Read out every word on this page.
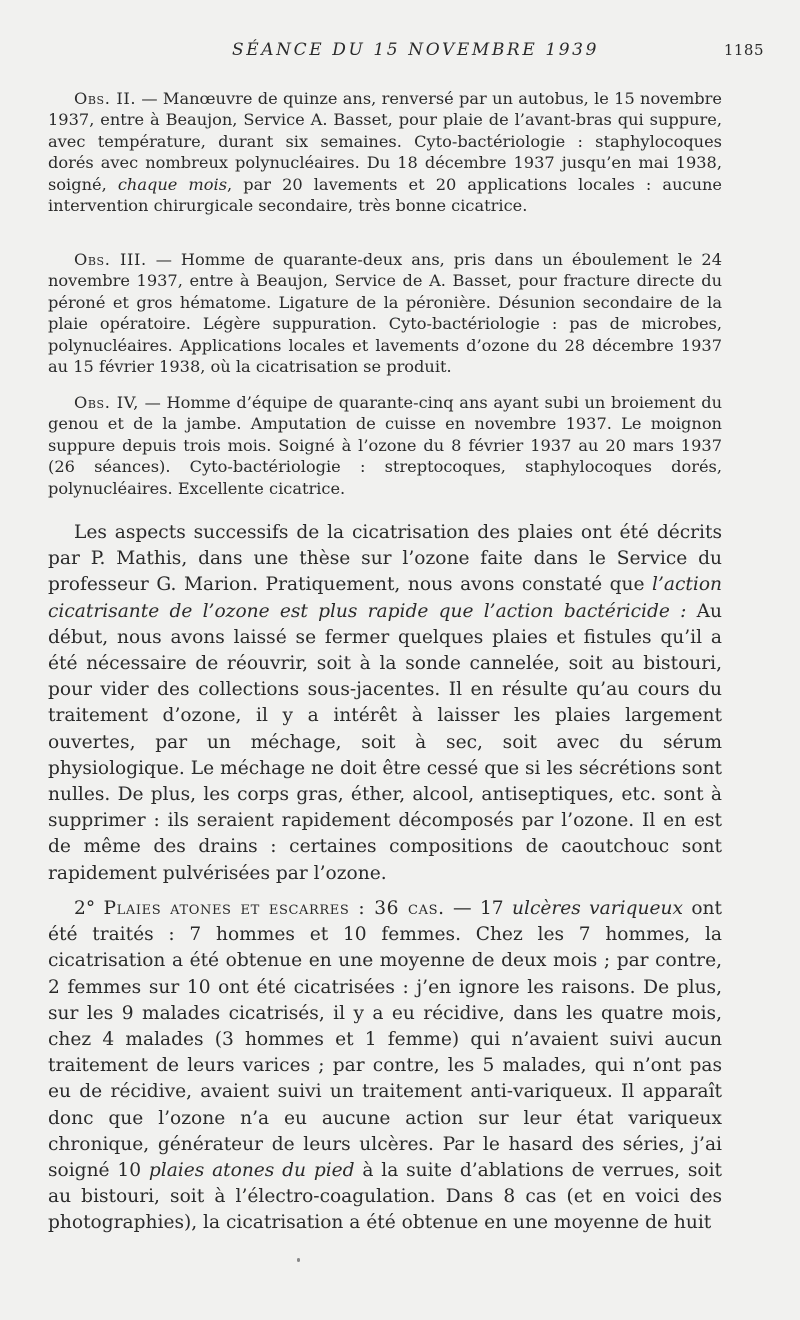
SÉANCE DU 15 NOVEMBRE 1939	1185

Obs. II. — Manœuvre de quinze ans, renversé par un autobus, le 15 novembre 1937, entre à Beaujon, Service A. Basset, pour plaie de l’avant-bras qui suppure, avec température, durant six semaines. Cyto-bactériologie : staphylocoques dorés avec nombreux polynucléaires. Du 18 décembre 1937 jusqu’en mai 1938, soigné, chaque mois, par 20 lavements et 20 applications locales : aucune intervention chirurgicale secondaire, très bonne cicatrice.

Obs. III. — Homme de quarante-deux ans, pris dans un éboulement le 24 novembre 1937, entre à Beaujon, Service de A. Basset, pour fracture directe du péroné et gros hématome. Ligature de la péronière. Désunion secondaire de la plaie opératoire. Légère suppuration. Cyto-bactériologie : pas de microbes, polynucléaires. Applications locales et lavements d’ozone du 28 décembre 1937 au 15 février 1938, où la cicatrisation se produit.

Obs. IV, — Homme d’équipe de quarante-cinq ans ayant subi un broiement du genou et de la jambe. Amputation de cuisse en novembre 1937. Le moignon suppure depuis trois mois. Soigné à l’ozone du 8 février 1937 au 20 mars 1937 (26 séances). Cyto-bactériologie : streptocoques, staphylocoques dorés, polynucléaires. Excellente cicatrice.

Les aspects successifs de la cicatrisation des plaies ont été décrits par P. Mathis, dans une thèse sur l’ozone faite dans le Service du professeur G. Marion. Pratiquement, nous avons constaté que l’action cicatrisante de l’ozone est plus rapide que l’action bactéricide : Au début, nous avons laissé se fermer quelques plaies et fistules qu’il a été nécessaire de réouvrir, soit à la sonde cannelée, soit au bistouri, pour vider des collections sous-jacentes. Il en résulte qu’au cours du traitement d’ozone, il y a intérêt à laisser les plaies largement ouvertes, par un méchage, soit à sec, soit avec du sérum physiologique. Le méchage ne doit être cessé que si les sécrétions sont nulles. De plus, les corps gras, éther, alcool, antiseptiques, etc. sont à supprimer : ils seraient rapidement décomposés par l’ozone. Il en est de même des drains : certaines compositions de caoutchouc sont rapidement pulvérisées par l’ozone.

2° Plaies atones et escarres : 36 cas. — 17 ulcères variqueux ont été traités : 7 hommes et 10 femmes. Chez les 7 hommes, la cicatrisation a été obtenue en une moyenne de deux mois ; par contre, 2 femmes sur 10 ont été cicatrisées : j’en ignore les raisons. De plus, sur les 9 malades cicatrisés, il y a eu récidive, dans les quatre mois, chez 4 malades (3 hommes et 1 femme) qui n’avaient suivi aucun traitement de leurs varices ; par contre, les 5 malades, qui n’ont pas eu de récidive, avaient suivi un traitement anti-variqueux. Il apparaît donc que l’ozone n’a eu aucune action sur leur état variqueux chronique, générateur de leurs ulcères. Par le hasard des séries, j’ai soigné 10 plaies atones du pied à la suite d’ablations de verrues, soit au bistouri, soit à l’électro-coagulation. Dans 8 cas (et en voici des photographies), la cicatrisation a été obtenue en une moyenne de huit
